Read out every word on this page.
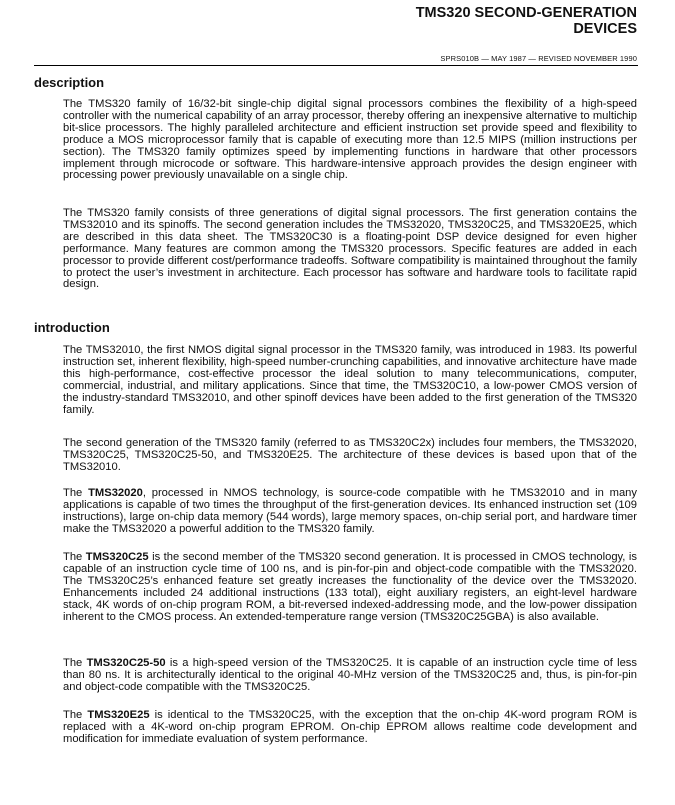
TMS320 SECOND-GENERATION
DEVICES
SPRS010B — MAY 1987 — REVISED NOVEMBER 1990
description

The TMS320 family of 16/32-bit single-chip digital signal processors combines the flexibility of a high-speed controller with the numerical capability of an array processor, thereby offering an inexpensive alternative to multichip bit-slice processors. The highly paralleled architecture and efficient instruction set provide speed and flexibility to produce a MOS microprocessor family that is capable of executing more than 12.5 MIPS (million instructions per section). The TMS320 family optimizes speed by implementing functions in hardware that other processors implement through microcode or software. This hardware-intensive approach provides the design engineer with processing power previously unavailable on a single chip.

The TMS320 family consists of three generations of digital signal processors. The first generation contains the TMS32010 and its spinoffs. The second generation includes the TMS32020, TMS320C25, and TMS320E25, which are described in this data sheet. The TMS320C30 is a floating-point DSP device designed for even higher performance. Many features are common among the TMS320 processors. Specific features are added in each processor to provide different cost/performance tradeoffs. Software compatibility is maintained throughout the family to protect the user’s investment in architecture. Each processor has software and hardware tools to facilitate rapid design.

introduction

The TMS32010, the first NMOS digital signal processor in the TMS320 family, was introduced in 1983. Its powerful instruction set, inherent flexibility, high-speed number-crunching capabilities, and innovative architecture have made this high-performance, cost-effective processor the ideal solution to many telecommunications, computer, commercial, industrial, and military applications. Since that time, the TMS320C10, a low-power CMOS version of the industry-standard TMS32010, and other spinoff devices have been added to the first generation of the TMS320 family.

The second generation of the TMS320 family (referred to as TMS320C2x) includes four members, the TMS32020, TMS320C25, TMS320C25-50, and TMS320E25. The architecture of these devices is based upon that of the TMS32010.

The TMS32020, processed in NMOS technology, is source-code compatible with he TMS32010 and in many applications is capable of two times the throughput of the first-generation devices. Its enhanced instruction set (109 instructions), large on-chip data memory (544 words), large memory spaces, on-chip serial port, and hardware timer make the TMS32020 a powerful addition to the TMS320 family.

The TMS320C25 is the second member of the TMS320 second generation. It is processed in CMOS technology, is capable of an instruction cycle time of 100 ns, and is pin-for-pin and object-code compatible with the TMS32020. The TMS320C25’s enhanced feature set greatly increases the functionality of the device over the TMS32020. Enhancements included 24 additional instructions (133 total), eight auxiliary registers, an eight-level hardware stack, 4K words of on-chip program ROM, a bit-reversed indexed-addressing mode, and the low-power dissipation inherent to the CMOS process. An extended-temperature range version (TMS320C25GBA) is also available.

The TMS320C25-50 is a high-speed version of the TMS320C25. It is capable of an instruction cycle time of less than 80 ns. It is architecturally identical to the original 40-MHz version of the TMS320C25 and, thus, is pin-for-pin and object-code compatible with the TMS320C25.

The TMS320E25 is identical to the TMS320C25, with the exception that the on-chip 4K-word program ROM is replaced with a 4K-word on-chip program EPROM. On-chip EPROM allows realtime code development and modification for immediate evaluation of system performance.
